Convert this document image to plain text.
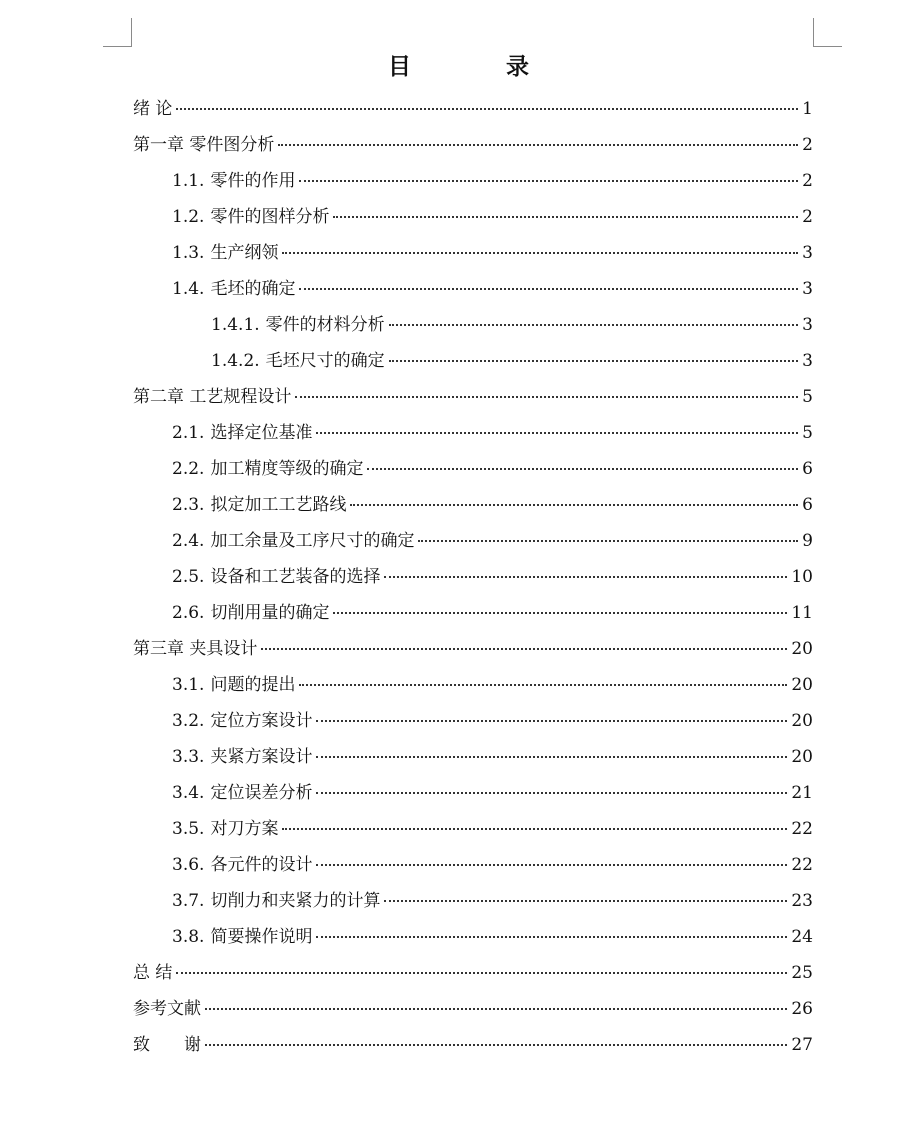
目　录
绪 论	1
第一章 零件图分析	2
1.1. 零件的作用	2
1.2. 零件的图样分析	2
1.3. 生产纲领	3
1.4. 毛坯的确定	3
1.4.1. 零件的材料分析	3
1.4.2. 毛坯尺寸的确定	3
第二章 工艺规程设计	5
2.1. 选择定位基准	5
2.2. 加工精度等级的确定	6
2.3. 拟定加工工艺路线	6
2.4. 加工余量及工序尺寸的确定	9
2.5. 设备和工艺装备的选择	10
2.6. 切削用量的确定	11
第三章 夹具设计	20
3.1. 问题的提出	20
3.2. 定位方案设计	20
3.3. 夹紧方案设计	20
3.4. 定位误差分析	21
3.5. 对刀方案	22
3.6. 各元件的设计	22
3.7. 切削力和夹紧力的计算	23
3.8. 简要操作说明	24
总 结	25
参考文献	26
致　　谢	27
